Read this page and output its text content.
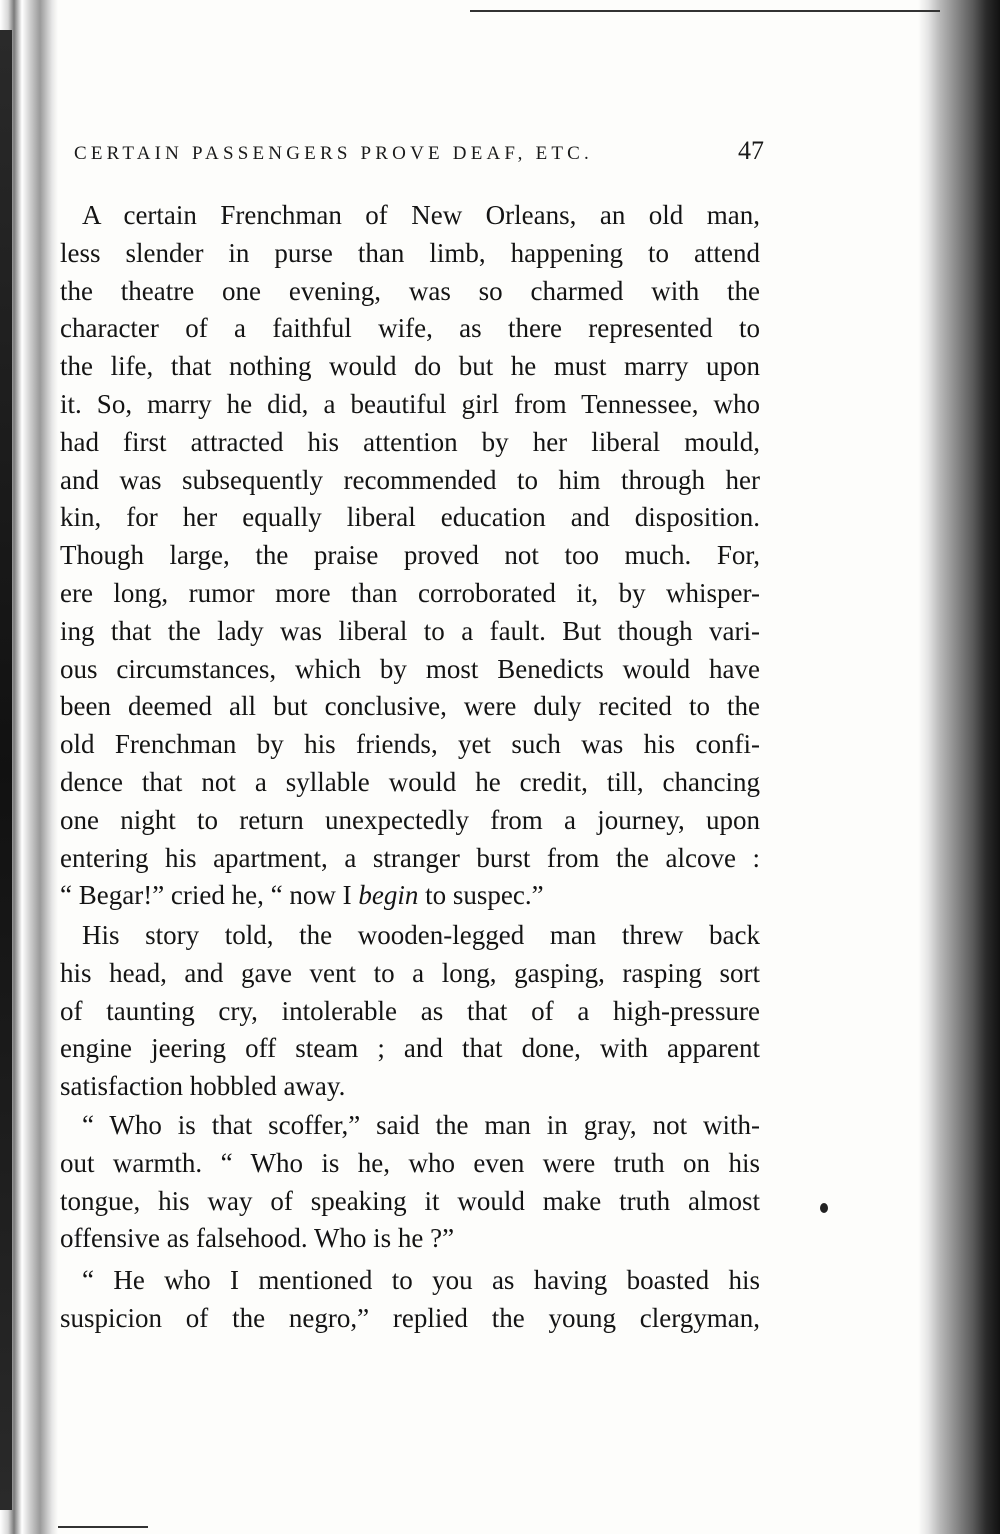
CERTAIN PASSENGERS PROVE DEAF, ETC.	47
A certain Frenchman of New Orleans, an old man,
less slender in purse than limb, happening to attend
the theatre one evening, was so charmed with the
character of a faithful wife, as there represented to
the life, that nothing would do but he must marry upon
it. So, marry he did, a beautiful girl from Tennessee, who
had first attracted his attention by her liberal mould,
and was subsequently recommended to him through her
kin, for her equally liberal education and disposition.
Though large, the praise proved not too much. For,
ere long, rumor more than corroborated it, by whisper-
ing that the lady was liberal to a fault. But though vari-
ous circumstances, which by most Benedicts would have
been deemed all but conclusive, were duly recited to the
old Frenchman by his friends, yet such was his confi-
dence that not a syllable would he credit, till, chancing
one night to return unexpectedly from a journey, upon
entering his apartment, a stranger burst from the alcove :
“ Begar!” cried he, “ now I begin to suspec.”
His story told, the wooden-legged man threw back
his head, and gave vent to a long, gasping, rasping sort
of taunting cry, intolerable as that of a high-pressure
engine jeering off steam ; and that done, with apparent
satisfaction hobbled away.
“ Who is that scoffer,” said the man in gray, not with-
out warmth. “ Who is he, who even were truth on his
tongue, his way of speaking it would make truth almost
offensive as falsehood. Who is he ?”
“ He who I mentioned to you as having boasted his
suspicion of the negro,” replied the young clergyman,
